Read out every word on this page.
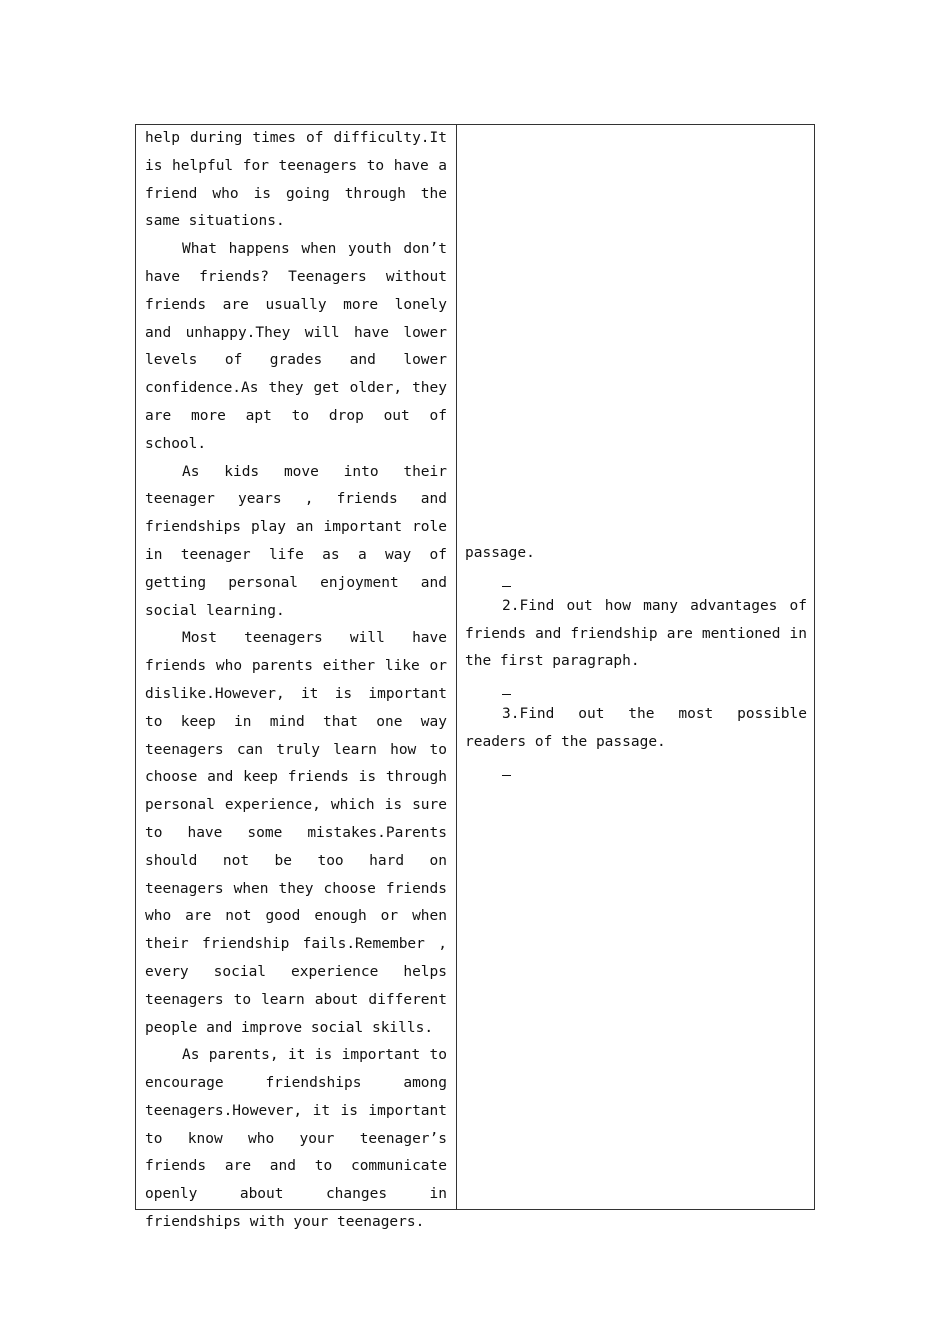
help during times of difficulty.It is helpful for teenagers to have a friend who is going through the same situations.

What happens when youth don’t have friends? Teenagers without friends are usually more lonely and unhappy.They will have lower levels of grades and lower confidence.As they get older, they are more apt to drop out of school.

As kids move into their teenager years , friends and friendships play an important role in teenager life as a way of getting personal enjoyment and social learning.

Most teenagers will have friends who parents either like or dislike.However, it is important to keep in mind that one way teenagers can truly learn how to choose and keep friends is through personal experience, which is sure to have some mistakes.Parents should not be too hard on teenagers when they choose friends who are not good enough or when their friendship fails.Remember , every social experience helps teenagers to learn about different people and improve social skills.

As parents, it is important to encourage friendships among teenagers.However, it is important to know who your teenager’s friends are and to communicate openly about changes in friendships with your teenagers.

passage.

2.Find out how many advantages of friends and friendship are mentioned in the first paragraph.

3.Find out the most possible readers of the passage.
